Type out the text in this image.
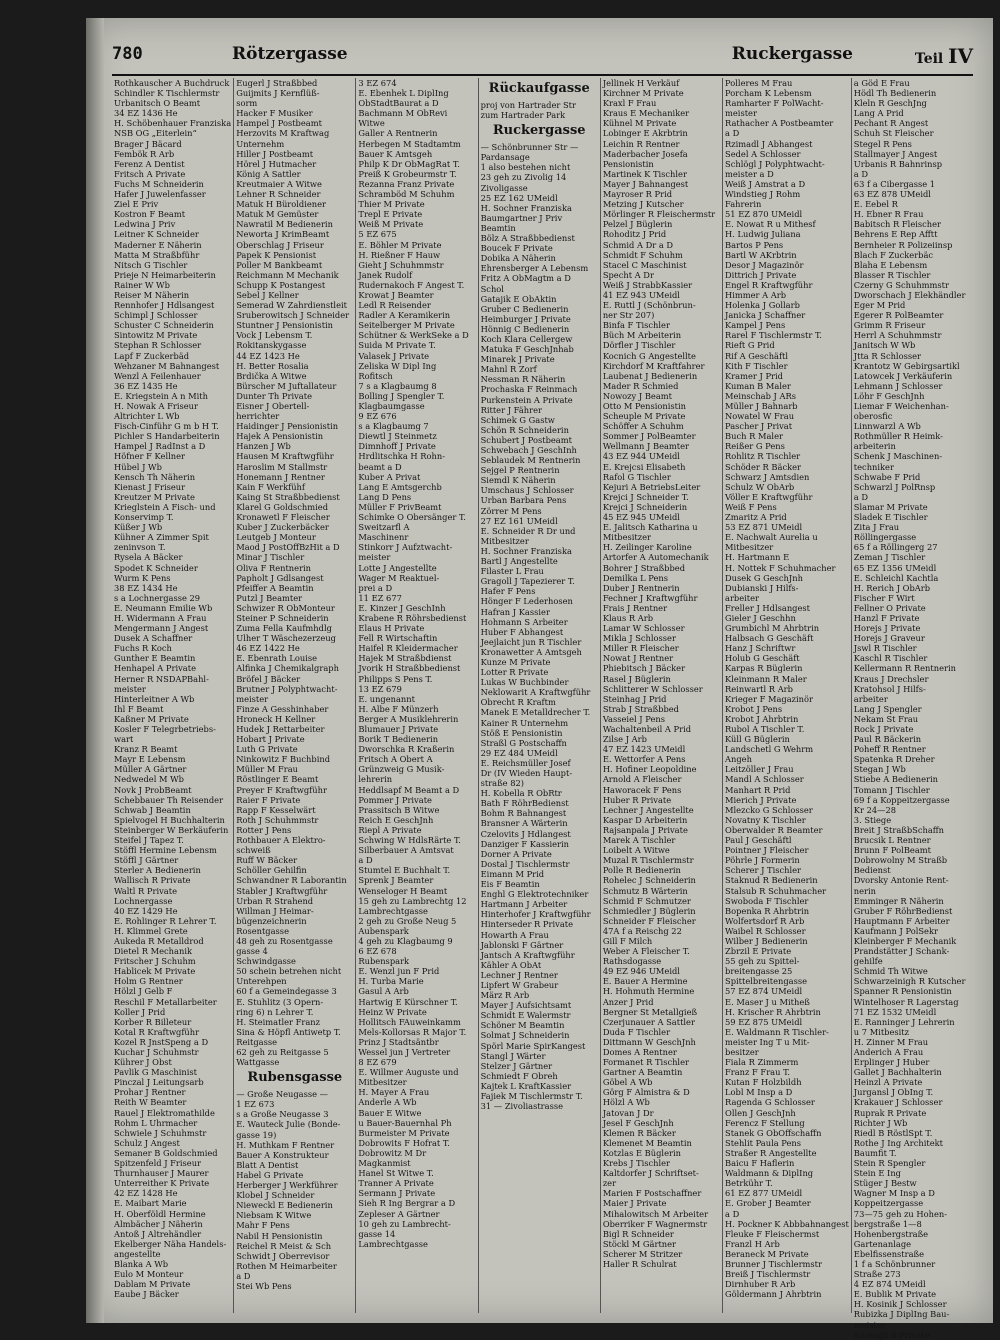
780	Rötzergasse	Ruckergasse	Teil IV
Rothkauscher A Buchdruck
Schindler K Tischlermstr
Urbanitsch O Beamt
34 EZ 1436 He
H. Schöbenhauer Franziska
NSB OG „Eiterlein“
Brager J Bäcard
Fembök R Arb
Ferenz A Dentist
Fritsch A Private
Fuchs M Schneiderin
Hafer J Juwelenfasser
Ziel E Priv
Kostron F Beamt
Ledwina J Priv
Leitner K Schneider
Maderner E Näherin
Matta M Straßbführ
Nitsch G Tischler
Prieje N Heimarbeiterin
Rainer W Wb
Reiser M Näherin
Rennhofer J Hdlsangest
Schimpl J Schlosser
Schuster C Schneiderin
Sintowitz M Private
Stephan R Schlosser
Lapf F Zuckerbäd
Wehzaner M Bahnangest
Wenzl A Feilenhauer
36 EZ 1435 He
E. Kriegstein A n Mith
H. Nowak A Friseur
Altrichter L Wb
Fisch-Cinführ G m b H T.
Pichler S Handarbeiterin
Hampel J RadInst a D
Höfner F Kellner
Hübel J Wb
Kensch Th Näherin
Kienast J Friseur
Kreutzer M Private
Krieglstein A Fisch- und
Konservimp T.
Küßer J Wb
Kühner A Zimmer Spit
zeninvson T.
Rysela A Bäcker
Spodet K Schneider
Wurm K Pens
38 EZ 1434 He
s a Lochnergasse 29
E. Neumann Emilie Wb
H. Widermann A Frau
Mengermann J Angest
Dusek A Schaffner
Fuchs R Koch
Gunther E Beamtin
Henhapel A Private
Herner R NSDAPBahl-
meister
Hinterleitner A Wb
Ihl F Beamt
Kaßner M Private
Kosler F Telegrbetriebs-
wart
Kranz R Beamt
Mayr E Lebensm
Müller A Gärtner
Nedwedel M Wb
Novk J ProbBeamt
Schebbauer Th Reisender
Schwab J Beamtin
Spielvogel H Buchhalterin
Steinberger W Berkäuferin
Steifel J Tapez T.
Stöffl Hermine Lebensm
Stöffl J Gärtner
Sterler A Bedienerin
Wallisch R Private
Waltl R Private
Lochnergasse
40 EZ 1429 He
E. Rohlinger R Lehrer T.
H. Klimmel Grete
Aukeda R Metalldrod
Dietel R Mechanik
Fritscher J Schuhm
Hablicek M Private
Holm G Rentner
Hölzl J Gelb F
Reschil F Metallarbeiter
Koller J Prid
Korber R Billeteur
Kotal R Kraftwgführ
Kozel R JnstSpeng a D
Kuchar J Schuhmstr
Kührer J Obst
Pavlik G Maschinist
Pinczal J Leitungsarb
Prohar J Rentner
Reith W Beamter
Rauel J Elektromathilde
Rohm L Uhrmacher
Schwiele J Schuhmstr
Schulz J Angest
Semaner B Goldschmied
Spitzenfeld J Friseur
Thurnhauser J Maurer
Unterreither K Private
42 EZ 1428 He
E. Maibart Marie
H. Oberföldl Hermine
Almbächer J Näherin
Antoß J Altrehändler
Ekelberger Näha Handels-
angestellte
Blanka A Wb
Eulo M Monteur
Dablam M Private
Eaube J Bäcker
Eugerl J Straßbbed
Guijmits J Kernflüß-
sorm
Hacker F Musiker
Hampel J Postbeamt
Herzovits M Kraftwag
Unternehm
Hiller J Postbeamt
Hörel J Hutmacher
König A Sattler
Kreutmaier A Witwe
Lehner R Schneider
Matuk H Büroldiener
Matuk M Gemüster
Nawratil M Bedienerin
Neworta J KrimBeamt
Oberschlag J Friseur
Papek K Pensionist
Poller M Bankbeamt
Reichmann M Mechanik
Schupp K Postangest
Sebel J Kellner
Semerad W Zahrdienstleit
Sruberowitsch J Schneider
Stuntner J Pensionistin
Vock J Lebensm T.
Rokitanskygasse
44 EZ 1423 He
H. Better Rosalia
Brdička A Witwe
Bürscher M Juftallateur
Dunter Th Private
Eisner J Obertell-
herrichter
Haidinger J Pensionistin
Hajek A Pensionistin
Hanzen J Wb
Hausen M Kraftwgführ
Haroslim M Stallmstr
Honemann J Rentner
Kain F Werkfühf
Kaing St Straßbbedienst
Klarel G Goldschmied
Kronawetl F Fleischer
Kuber J Zuckerbäcker
Leutgeb J Monteur
Maod J PostOffBzHit a D
Minar J Tischler
Oliva F Rentnerin
Papholt J Gdlsangest
Pfeiffer A Beamtin
Putzl J Beamter
Schwizer R ObMonteur
Steiner P Schneiderin
Zuma Fella Kaufmhdlg
Ulher T Wäschezerzeug
46 EZ 1422 He
E. Ebenrath Louise
Alfinka J Chemikalgraph
Bröfel J Bäcker
Brutner J Polyphtwacht-
meister
Finze A Gesshinhaber
Hroneck H Kellner
Hudek J Rettarbeiter
Hobart J Private
Luth G Private
Ninkowitz F Buchbind
Müller M Frau
Röstlinger E Beamt
Preyer F Kraftwgführ
Raier F Private
Rapp F Kesselwärt
Roth J Schuhmmstr
Rotter J Pens
Rothbauer A Elektro-
schweiß
Ruff W Bäcker
Schöller Gehilfin
Schwandner R Laborantin
Stabler J Kraftwgführ
Urban R Strahend
Willman J Heimar-
bügenzeichnerin
Rosentgasse
48 geh zu Rosentgasse
gasse 4
Schwindgasse
50 schein betrehen nicht
Unterehpen
60 f a Gemeindegasse 3
E. Stuhlitz (3 Opern-
ring 6) n Lehrer T.
H. Steimatler Franz
Sina & Höpfl Antiwetp T.
Reitgasse
62 geh zu Reitgasse 5
Wattgasse
Rubensgasse
— Große Neugasse —
1 EZ 673
s a Große Neugasse 3
E. Wauteck Julie (Bonde-
gasse 19)
H. Muthkam F Rentner
Bauer A Konstrukteur
Blatt A Dentist
Habel G Private
Herberger J Werkführer
Klobel J Schneider
Nieweckl E Bedienerin
Niebsam K Witwe
Mahr F Pens
Nabil H Pensionistin
Reichel R Meist & Sch
Schwidt J Oberrevisor
Rothen M Heimarbeiter
a D
Stei Wb Pens
3 EZ 674
E. Ebenhek L DiplIng
ObStadtBaurat a D
Bachmann M ObRevi
Witwe
Galler A Rentnerin
Herbegen M Stadtamtm
Bauer K Amtsgeh
Philp K Dr ObMagRat T.
Preiß K Grobeurmstr T.
Rezanna Franz Private
Schramböd M Schuhm
Thier M Private
Trepl E Private
Weiß M Private
5 EZ 675
E. Böhler M Private
H. Rießner F Hauw
Gieht J Schuhmmstr
Janek Rudolf
Rudernakoch F Angest T.
Krowat J Beamter
Ledl R Reisender
Radler A Keramikerin
Seitelberger M Private
Schütner & WerkSeke a D
Suida M Private T.
Valasek J Private
Zeliska W Dipl Ing
Rofitsch
7 s a Klagbaumg 8
Bolling J Spengler T.
Klagbaumgasse
9 EZ 676
s a Klagbaumg 7
Diewtl J Steinmetz
Dimnhoff J Private
Hrdlitschka H Rohn-
beamt a D
Kuber A Privat
Lang E Amtsgerchb
Lang D Pens
Müller F PrivBeamt
Schimke O Obersänger T.
Sweitzarfl A
Maschinenr
Stinkorr J Aufztwacht-
meister
Lotte J Angestellte
Wager M Reaktuel-
prei a D
11 EZ 677
E. Kinzer J GeschInh
Krabene R Röhrsbedienst
Elaus H Private
Fell R Wirtschaftin
Haifel R Kleidermacher
Hajek M Straßbdienst
Jvorik H Straßbbedienst
Philipps S Pens T.
13 EZ 679
E. ungenannt
H. Albe F Münzerh
Berger A Musiklehrerin
Blumauer J Private
Borik T Bedienerin
Dworschka R Kraßerin
Fritsch A Obert A
Grünzweig G Musik-
lehrerin
Heddlsapf M Beamt a D
Pommer J Private
Prassitsch B Witwe
Reich E GeschJnh
Riepl A Private
Schwing W HdlsRärte T.
Silberbauer A Amtsvat
a D
Stumtel E Buchhalt T.
Sprenk J Beamter
Wenseloger H Beamt
15 geh zu Lambrechtg 12
Lambrechtgasse
2 geh zu Große Neug 5
Aubenspark
4 geh zu Klagbaumg 9
6 EZ 678
Rubenspark
E. Wenzl jun F Prid
H. Turba Marie
Gasul A Arb
Hartwig E Kürschner T.
Heinz W Private
Hollitsch FAuweinkamm
Mels-Kollorsas R Major T.
Prinz J Stadtsäntbr
Wessel jun J Vertreter
8 EZ 679
E. Willmer Auguste und
Mitbesitzer
H. Mayer A Frau
Anderle A Wb
Bauer E Witwe
u Bauer-Bauernhal Ph
Burmeister M Private
Dobrowits F Hofrat T.
Dobrowitz M Dr
Magkanmist
Hanel St Witwe T.
Tranner A Private
Sermann J Private
Sieh R Ing Bergrar a D
Zepleser A Gärtner
10 geh zu Lambrecht-
gasse 14
Lambrechtgasse
Rückaufgasse
proj von Hartrader Str
zum Hartrader Park
Ruckergasse
— Schönbrunner Str —
Pardansage
1 also bestehen nicht
23 geh zu Zivolig 14
Zivoligasse
25 EZ 162 UMeidl
H. Sochner Franziska
Baumgartner J Priv
Beamtin
Bölz A Straßbbedienst
Boucek F Private
Dobika A Näherin
Ehrensberger A Lebensm
Fritz A ObMagtm a D
Schol
Gatajik E ObAktin
Gruber C Bedienerin
Heimburger J Private
Hönnig C Bedienerin
Koch Klara Cellergew
Matuka F GeschJnhab
Minarek J Private
Mahnl R Zorf
Nessman R Näherin
Prochaska F Reinmach
Purkenstein A Private
Ritter J Fährer
Schimek G Gastw
Schön R Schneiderin
Schubert J Postbeamt
Schwebach J GeschInh
Seblaudek M Rentnerin
Sejgel P Rentnerin
Siemdl K Näherin
Umschaus J Schlosser
Urban Barbara Pens
Zörrer M Pens
27 EZ 161 UMeidl
E. Schneider R Dr und
Mitbesitzer
H. Sochner Franziska
Bartl J Angestellte
Filaster L Frau
Gragoll J Tapezierer T.
Hafer F Pens
Hönger F Lederhosen
Hafran J Kassier
Hohmann S Arbeiter
Huber F Abhangest
Jeejlaicht jun R Tischler
Kronawetter A Amtsgeh
Kunze M Private
Lotter R Private
Lukas W Buchbinder
Neklowarit A Kraftwgführ
Obrecht R Kraftm
Manek E Metalldrecher T.
Kainer R Unternehm
Stöß E Pensionistin
Straßl G Postschaffn
29 EZ 484 UMeidl
E. Reichsmüller Josef
Dr (IV Wieden Haupt-
straße 82)
H. Kobella R ObRtr
Bath F RöhrBedienst
Bohm R Bahnangest
Bransner A Wärterin
Czelovits J Hdlangest
Danziger F Kassierin
Dorner A Private
Dostal J Tischlermstr
Eimann M Prid
Eis F Beamtin
Enghl G Elektrotechniker
Hartmann J Arbeiter
Hinterhofer J Kraftwgführ
Hinterseder R Private
Howarth A Frau
Jablonski F Gärtner
Jantsch A Kraftwgführ
Kähler A ObAt
Lechner J Rentner
Lipfert W Grabeur
März R Arb
Mayer J Aufsichtsamt
Schmidt E Walermstr
Schöner M Beamtin
Solmat J Schneiderin
Spörl Marie SpirKangest
Stangl J Wärter
Stelzer J Gärtner
Schmiedt F Obreh
Kajtek L KraftKassier
Fajiek M Tischlermstr T.
31 — Zivoliastrasse
Jellinek H Verkäuf
Kirchner M Private
Kraxl F Frau
Kraus E Mechaniker
Kühnel M Private
Lobinger E Akrbtrin
Leichin R Rentner
Maderbacher Josefa
Pensionistin
Martinek K Tischler
Mayer J Bahnangest
Mayroser R Prid
Metzing J Kutscher
Mörlinger R Fleischermstr
Pelzel J Büglerin
Rohoditz J Prid
Schmid A Dr a D
Schmidt F Schuhm
Stacel C Maschinist
Specht A Dr
Weiß J StrabbKassier
41 EZ 943 UMeidl
E. Ruttl J (Schönbrun-
ner Str 207)
Binfa F Tischler
Büch M Arbeiterin
Dörfler J Tischler
Kocnich G Angestellte
Kirchdorf M Kraftfahrer
Laubenat J Bedienerin
Mader R Schmied
Nowozy J Beamt
Otto M Pensionistin
Scheuple M Private
Schöffer A Schuhm
Sommer J PolBeamter
Wellmann J Beamter
43 EZ 944 UMeidl
E. Krejcsi Elisabeth
Rafol G Tischler
Kejuri A BetriebsLeiter
Krejci J Schneider T.
Krejci J Schneiderin
45 EZ 945 UMeidl
E. Jalitsch Katharina u
Mitbesitzer
H. Zeilinger Karoline
Artorfer A Automechanik
Bohrer J Straßbbed
Demilka L Pens
Duber J Rentnerin
Fechner J Kraftwgführ
Frais J Rentner
Klaus R Arb
Lamar W Schlosser
Mikla J Schlosser
Miller R Fleischer
Nowat J Rentner
Phiebitsch J Bäcker
Rasel J Büglerin
Schlitterer W Schlosser
Steinhag J Prid
Strab J Straßbbed
Vasseiel J Pens
Wachaltenbeil A Prid
Zilse J Arb
47 EZ 1423 UMeidl
E. Wettorfer A Pens
H. Hofiner Leopoldine
Arnold A Fleischer
Haworacek F Pens
Huber R Private
Lechner J Angestellte
Kaspar D Arbeiterin
Rajsanpala J Private
Marek A Tischler
Loibelt A Witwe
Muzal R Tischlermstr
Polle R Bedienerin
Rohelec J Schneiderin
Schmutz B Wärterin
Schmid F Schmutzer
Schmiedler J Büglerin
Schneider F Fleischer
47A f a Reischg 22
Gill F Milch
Weber A Fleischer T.
Rathsdogasse
49 EZ 946 UMeidl
E. Bauer A Hermine
H. Hohmuth Hermine
Anzer J Prid
Bergner St Metallgieß
Czerjunauer A Sattler
Duda F Tischler
Dittmann W GeschJnh
Domes A Rentner
Formanet R Tischler
Gartner A Beamtin
Göbel A Wb
Görg F Almistra & D
Hölzl A Wb
Jatovan J Dr
Jesel F GeschJnh
Klemen R Bäcker
Klemenet M Beamtin
Kotzlas E Büglerin
Krebs J Tischler
Kaltdorfer J Schriftset-
zer
Marien F Postschaffner
Maier J Private
Mihalowitsch M Arbeiter
Oberriker F Wagnermstr
Bigl R Schneider
Stöckl M Gärtner
Scherer M Stritzer
Haller R Schulrat
Polleres M Frau
Porcham K Lebensm
Ramharter F PolWacht-
meister
Rathacher A Postbeamter
a D
Rzimadl J Abhangest
Sedel A Schlosser
Schlögl J Polyphtwacht-
meister a D
Weiß J Amstrat a D
Windstieg J Rohm
Fahrerin
51 EZ 870 UMeidl
E. Nowat R u Mithesf
H. Ludwig Juliana
Bartos P Pens
Bartl W AKrbtrin
Desor J Magazinör
Dittrich J Private
Engel R Kraftwgführ
Himmer A Arb
Holenka J Gollarb
Janicka J Schaffner
Kampel J Pens
Rarel F Tischlermstr T.
Rieft G Prid
Rif A Geschäftl
Kith F Tischler
Kramer J Prid
Kuman B Maler
Meinschab J ARs
Müller J Bahnarb
Nowatel W Frau
Pascher J Privat
Buch R Maler
Reißer G Pens
Rohlitz R Tischler
Schöder R Bäcker
Schwarz J Amtsdien
Schulz W ObArb
Völler E Kraftwgführ
Weiß F Pens
Zmaritz A Prid
53 EZ 871 UMeidl
E. Nachwalt Aurelia u
Mitbesitzer
H. Hartmann E
H. Nottek F Schuhmacher
Dusek G GeschJnh
Dubianski J Hilfs-
arbeiter
Freller J Hdlsangest
Gieler J Geschhn
Grumbichl M Ahrbtrin
Halbsach G Geschäft
Hanz J Schriftwr
Holub G Geschäft
Karpas R Büglerin
Kleinmann R Maler
Reinwartl R Arb
Krieger F Magazinör
Krobot J Pens
Krobot J Ahrbtrin
Rubol A Tischler T.
Küll G Büglerin
Landschetl G Wehrm
Angeh
Leitzöller J Frau
Mandl A Schlosser
Manhart R Prid
Mierich J Private
Mlezcko G Schlosser
Novatny K Tischler
Oberwalder R Beamter
Paul J Geschäftl
Pointner J Fleischer
Pöhrle J Formerin
Scherer J Tischler
Staknud R Bedienerin
Stalsub R Schuhmacher
Swoboda F Tischler
Bopenka R Ahrbtrin
Wolfertsdorf R Arb
Waibel R Schlosser
Wilber J Bedienerin
Zbrzil E Private
55 geh zu Spittel-
breitengasse 25
Spittelbreitengasse
57 EZ 874 UMeidl
E. Maser J u Mitheß
H. Krischer R Ahrbtrin
59 EZ 875 UMeidl
E. Waldmann R Tischler-
meister Ing T u Mit-
besitzer
Fiala R Zimmerm
Franz F Frau T.
Kutan F Holzbildh
Lobl M Insp a D
Ragenda G Schlosser
Ollen J GeschJnh
Ferencz F Stellung
Stanek G ObOffschaffn
Stehlit Paula Pens
Straßer R Angestellte
Baicu F Haflerin
Waldmann & DiplIng
Betrkühr T.
61 EZ 877 UMeidl
E. Grober J Beamter
a D
H. Pockner K Abbbahnangest
Fleuke F Fleischermst
Franzl H Arb
Beraneck M Private
Brunner J Tischlermstr
Breiß J Tischlermstr
Dirnhuber R Arb
Göldermann J Ahrbtrin
a Göd E Frau
Hödl Th Bedienerin
Kleln R GeschJng
Lang A Prid
Pechant R Angest
Schuh St Fleischer
Stegel R Pens
Stallmayer J Angest
Urbanis R Bahnrinsp
a D
63 f a Cibergasse 1
63 EZ 878 UMeidl
E. Eebel R
H. Ebner R Frau
Babitsch R Fleischer
Behrens E Rep Afftt
Bernheier R Polizeiinsp
Blach F Zuckerbäc
Blaha E Lebensm
Blasser R Tischler
Czerny G Schuhmmstr
Dworschach J Elekhändler
Eger M Prid
Egerer R PolBeamter
Grimm R Friseur
Herrl A Schuhmmstr
Janitsch W Wb
Jtta R Schlosser
Krantotz W Gebirgsartikl
Latowcek J Verkäuferin
Lehmann J Schlosser
Löhr F GeschJnh
Liemar F Weichenhan-
oberosfic
Linnwarzl A Wb
Rothmüller R Heimk-
arbeiterin
Schenk J Maschinen-
techniker
Schwabe F Prid
Schwarzl J PolRnsp
a D
Slamar M Private
Sladek E Tischler
Zita J Frau
Röllingergasse
65 f a Röllingerg 27
Zeman J Tischler
65 EZ 1356 UMeidl
E. Schleichl Kachtla
H. Rerich J ObArb
Fischer F Wirt
Fellner O Private
Hanzl F Private
Horejs J Private
Horejs J Graveur
Jswl R Tischler
Kaschl R Tischler
Kellermann R Rentnerin
Kraus J Drechsler
Kratohsol J Hilfs-
arbeiter
Lang J Spengler
Nekam St Frau
Rock J Private
Paul R Bäckerin
Poheff R Rentner
Spatenka R Dreher
Stegan J Wb
Stiebe A Bedienerin
Tomann J Tischler
69 f a Koppeitzergasse
Kr 24—28
3. Stiege
Breit J StraßbSchaffn
Brucsik L Rentner
Brunn F PolBeamt
Dobrowolny M Straßb
Bedienst
Dvorsky Antonie Rent-
nerin
Emminger R Näherin
Gruber F RöhrBedienst
Hauptmann F Arbeiter
Kaufmann J PolSekr
Kleinberger F Mechanik
Prandstätter J Schank-
gehilfe
Schmid Th Witwe
Schwarzeinigh R Kutscher
Spanner R Pensionistin
Wintelhoser R Lagerstag
71 EZ 1532 UMeidl
E. Ranninger J Lehrerin
u 7 Mitbesitz
H. Zinner M Frau
Anderich A Frau
Erplinger J Huber
Gallet J Bachhalterin
Heinzl A Private
Jurgansl J ObIng T.
Krakauer J Schlosser
Ruprak R Private
Richter J Wb
Riedl B RöstlSpt T.
Rothe J Ing Architekt
Baumfit T.
Stein R Spengler
Stein E Ing
Stüger J Bestw
Wagner M Insp a D
Koppeitzergasse
73—75 geh zu Hohen-
bergstraße 1—8
Hohenbergstraße
Gartenanlage
Ebelfissenstraße
1 f a Schönbrunner
Straße 273
4 EZ 874 UMeidl
E. Bublik M Private
H. Kosinik J Schlosser
Rubizka J DiplIng Bau-
meister
Sinengli S Private
